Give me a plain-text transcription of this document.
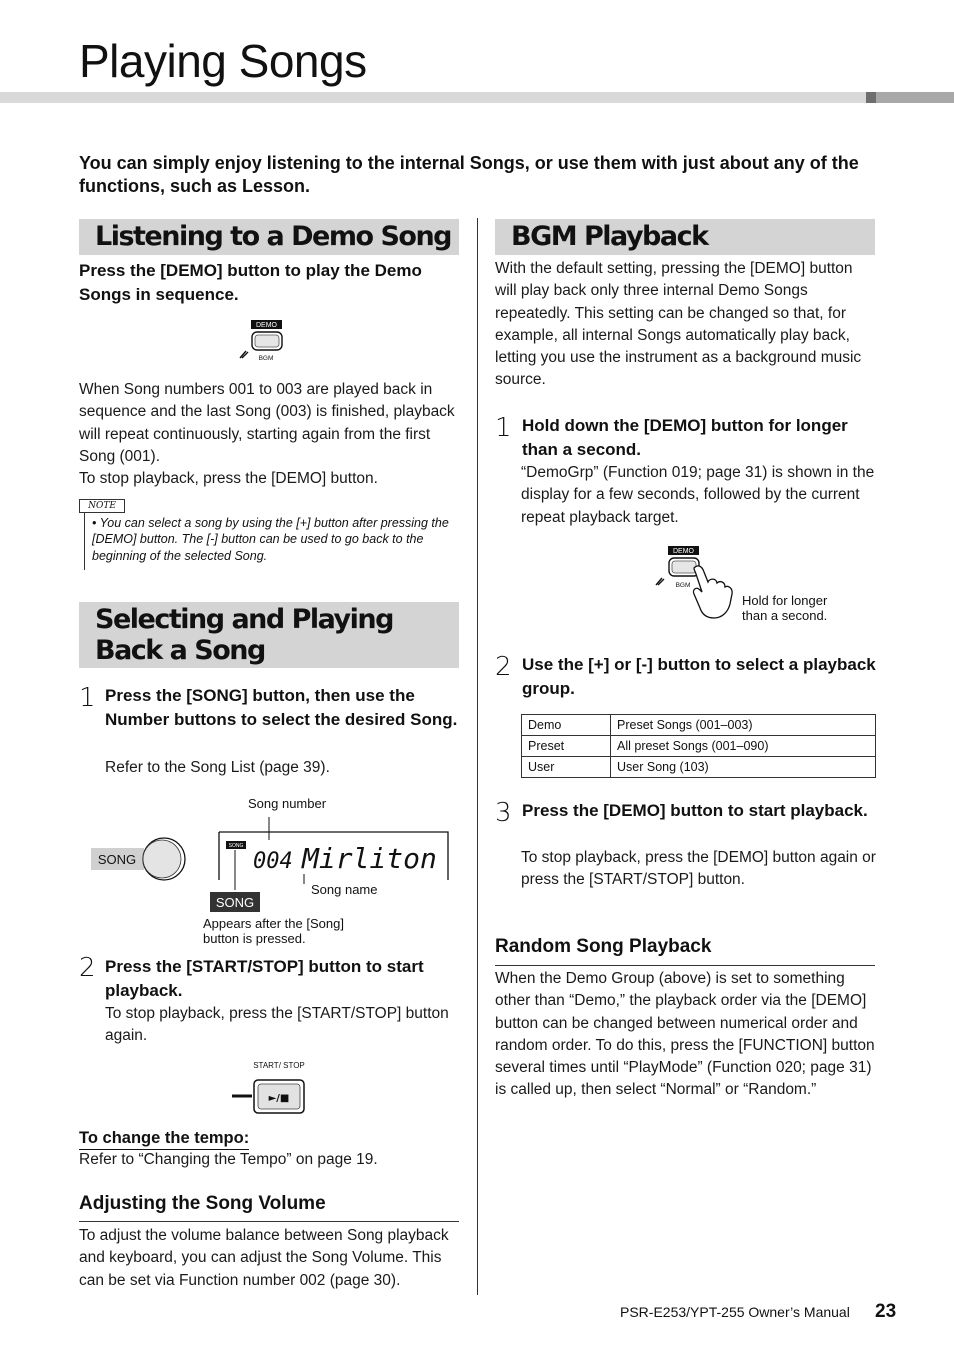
Playing Songs
You can simply enjoy listening to the internal Songs, or use them with just about any of the functions, such as Lesson.
Listening to a Demo Song
Press the [DEMO] button to play the Demo Songs in sequence.
DEMO
BGM
When Song numbers 001 to 003 are played back in sequence and the last Song (003) is finished, playback will repeat continuously, starting again from the first Song (001).
To stop playback, press the [DEMO] button.
NOTE
• You can select a song by using the [+] button after pressing the [DEMO] button. The [-] button can be used to go back to the beginning of the selected Song.
Selecting and Playing Back a Song
1 Press the [SONG] button, then use the Number buttons to select the desired Song.
Refer to the Song List (page 39).
Song number
SONG
SONG
004 Mirliton
SONG
Song name
Appears after the [Song] button is pressed.
2 Press the [START/STOP] button to start playback.
To stop playback, press the [START/STOP] button again.
START/ STOP
►/■
To change the tempo:
Refer to “Changing the Tempo” on page 19.
Adjusting the Song Volume
To adjust the volume balance between Song playback and keyboard, you can adjust the Song Volume. This can be set via Function number 002 (page 30).
BGM Playback
With the default setting, pressing the [DEMO] button will play back only three internal Demo Songs repeatedly. This setting can be changed so that, for example, all internal Songs automatically play back, letting you use the instrument as a background music source.
1 Hold down the [DEMO] button for longer than a second.
“DemoGrp” (Function 019; page 31) is shown in the display for a few seconds, followed by the current repeat playback target.
DEMO
BGM
Hold for longer than a second.
2 Use the [+] or [-] button to select a playback group.
Demo	Preset Songs (001–003)
Preset	All preset Songs (001–090)
User	User Song (103)
3 Press the [DEMO] button to start playback.
To stop playback, press the [DEMO] button again or press the [START/STOP] button.
Random Song Playback
When the Demo Group (above) is set to something other than “Demo,” the playback order via the [DEMO] button can be changed between numerical order and random order. To do this, press the [FUNCTION] button several times until “PlayMode” (Function 020; page 31) is called up, then select “Normal” or “Random.”
PSR-E253/YPT-255 Owner’s Manual 23
